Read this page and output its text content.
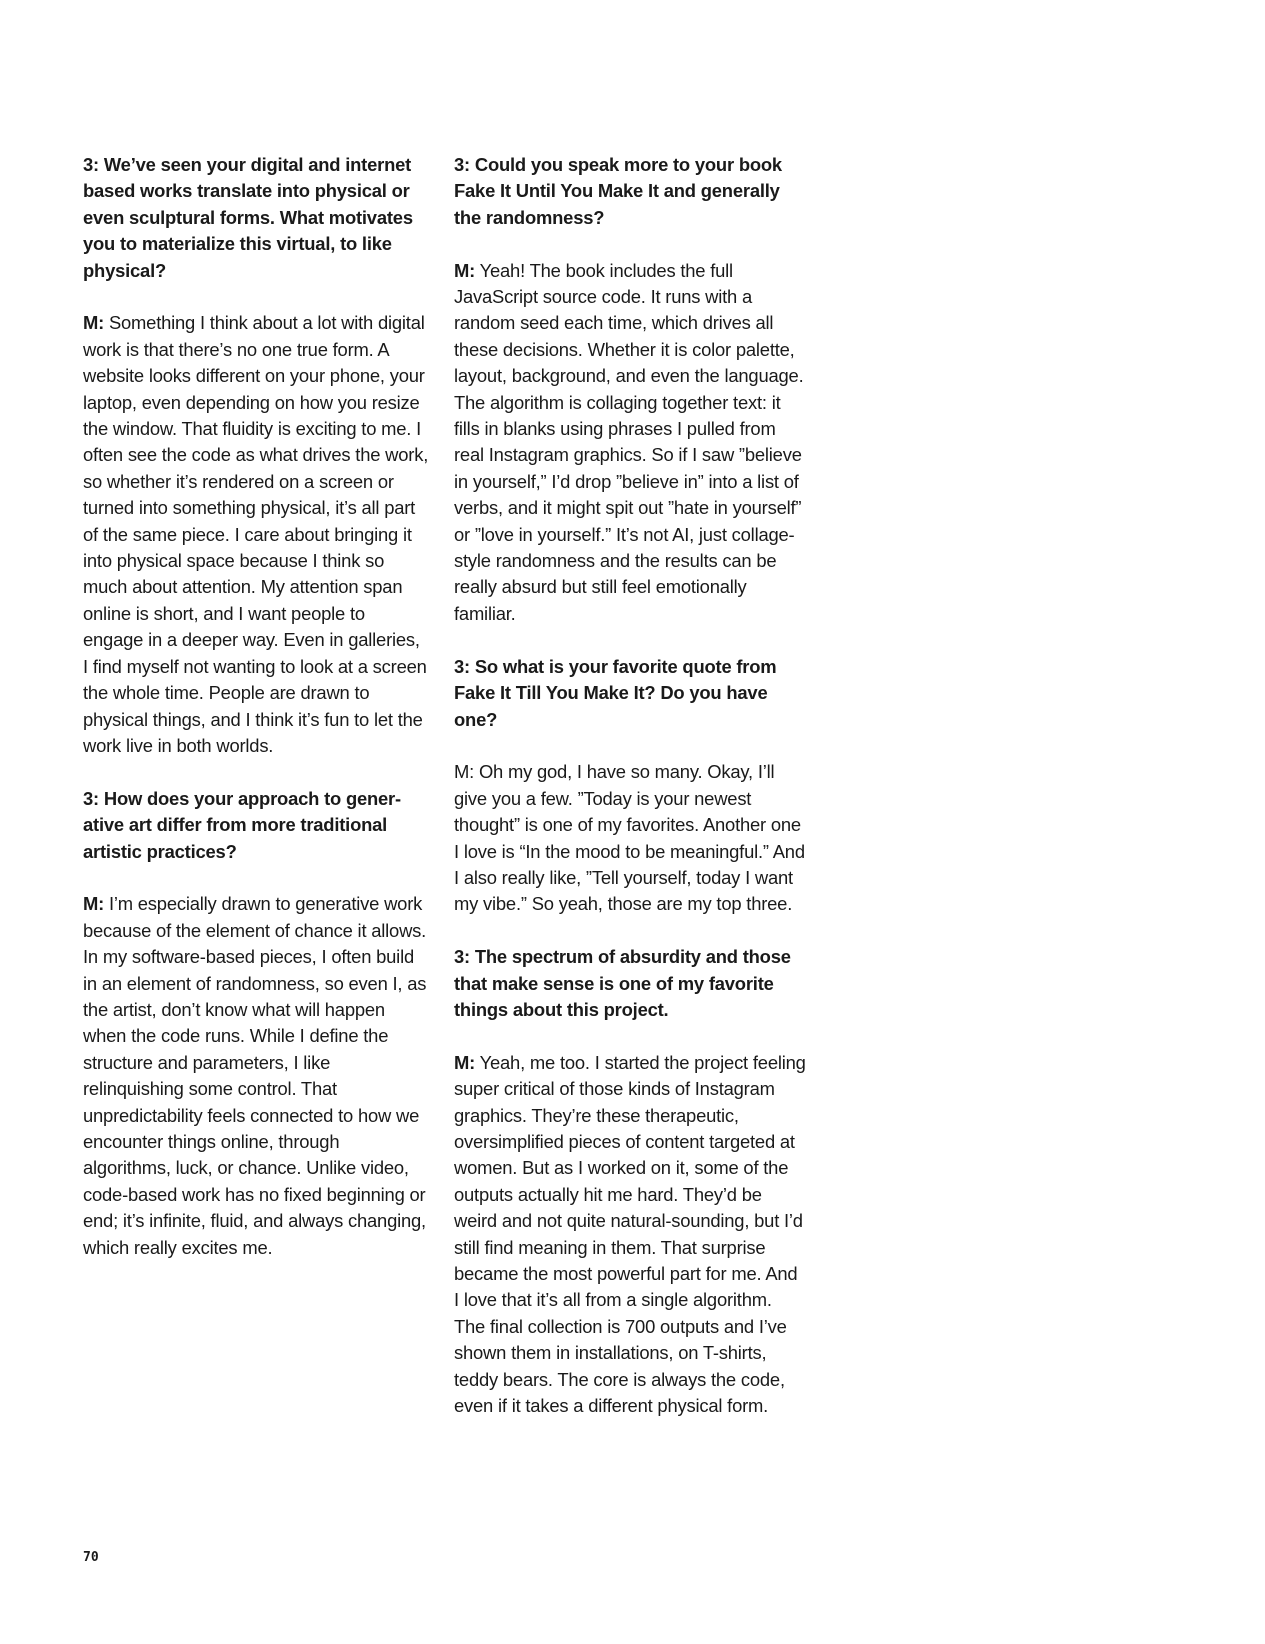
3: We’ve seen your digital and internet based works translate into physical or even sculptural forms. What motivates you to materialize this virtual, to like physical?

M: Something I think about a lot with digital work is that there’s no one true form. A website looks different on your phone, your laptop, even depending on how you resize the window. That fluidity is exciting to me. I often see the code as what drives the work, so whether it’s rendered on a screen or turned into something physical, it’s all part of the same piece. I care about bringing it into physical space because I think so much about attention. My attention span online is short, and I want people to engage in a deeper way. Even in galleries, I find myself not wanting to look at a screen the whole time. People are drawn to physical things, and I think it’s fun to let the work live in both worlds.

3: How does your approach to generative art differ from more traditional artistic practices?

M: I’m especially drawn to generative work because of the element of chance it allows. In my software-based pieces, I often build in an element of randomness, so even I, as the artist, don’t know what will happen when the code runs. While I define the structure and parameters, I like relinquishing some control. That unpredictability feels connected to how we encounter things online, through algorithms, luck, or chance. Unlike video, code-based work has no fixed beginning or end; it’s infinite, fluid, and always changing, which really excites me.

3: Could you speak more to your book Fake It Until You Make It and generally the randomness?

M: Yeah! The book includes the full JavaScript source code. It runs with a random seed each time, which drives all these decisions. Whether it is color palette, layout, background, and even the language. The algorithm is collaging together text: it fills in blanks using phrases I pulled from real Instagram graphics. So if I saw ”believe in yourself,” I’d drop ”believe in” into a list of verbs, and it might spit out ”hate in yourself” or ”love in yourself.” It’s not AI, just collage-style randomness and the results can be really absurd but still feel emotionally familiar.

3: So what is your favorite quote from Fake It Till You Make It? Do you have one?

M: Oh my god, I have so many. Okay, I’ll give you a few. ”Today is your newest thought” is one of my favorites. Another one I love is “In the mood to be meaningful.” And I also really like, ”Tell yourself, today I want my vibe.” So yeah, those are my top three.

3: The spectrum of absurdity and those that make sense is one of my favorite things about this project.

M: Yeah, me too. I started the project feeling super critical of those kinds of Instagram graphics. They’re these therapeutic, oversimplified pieces of content targeted at women. But as I worked on it, some of the outputs actually hit me hard. They’d be weird and not quite natural-sounding, but I’d still find meaning in them. That surprise became the most powerful part for me. And I love that it’s all from a single algorithm. The final collection is 700 outputs and I’ve shown them in installations, on T-shirts, teddy bears. The core is always the code, even if it takes a different physical form.

70
